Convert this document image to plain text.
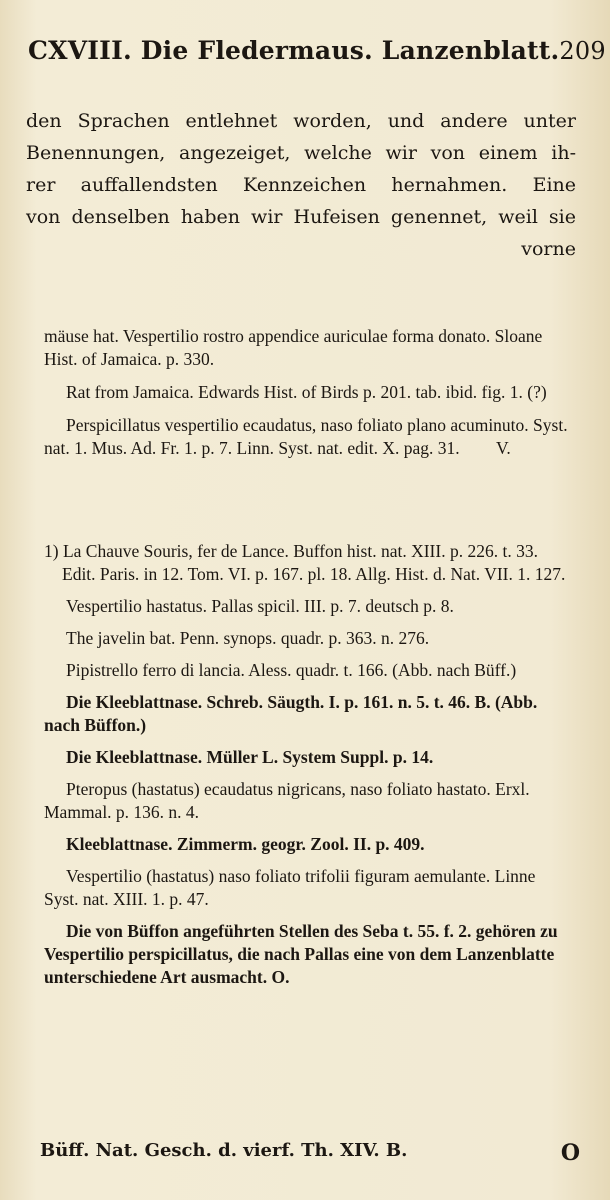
CXVIII. Die Fledermaus. Lanzenblatt. 209
den Sprachen entlehnet worden, und andere unter
Benennungen, angezeiget, welche wir von einem ih-
rer auffallendsten Kennzeichen hernahmen. Eine
von denselben haben wir Hufeisen genennet, weil sie
vorne

mäuse hat. Vespertilio rostro appendice auriculae forma donato. Sloane Hist. of Jamaica. p. 330.

Rat from Jamaica. Edwards Hist. of Birds p. 201. tab. ibid. fig. 1. (?)

Perspicillatus vespertilio ecaudatus, naso foliato plano acuminuto. Syst. nat. 1. Mus. Ad. Fr. 1. p. 7. Linn. Syst. nat. edit. X. pag. 31. V.

1) La Chauve Souris, fer de Lance. Buffon hist. nat. XIII. p. 226. t. 33. Edit. Paris. in 12. Tom. VI. p. 167. pl. 18. Allg. Hist. d. Nat. VII. 1. 127.

Vespertilio hastatus. Pallas spicil. III. p. 7. deutsch p. 8.

The javelin bat. Penn. synops. quadr. p. 363. n. 276.

Pipistrello ferro di lancia. Aless. quadr. t. 166. (Abb. nach Büff.)

Die Kleeblattnase. Schreb. Säugth. I. p. 161. n. 5. t. 46. B. (Abb. nach Büffon.)

Die Kleeblattnase. Müller L. System Suppl. p. 14.

Pteropus (hastatus) ecaudatus nigricans, naso foliato hastato. Erxl. Mammal. p. 136. n. 4.

Kleeblattnase. Zimmerm. geogr. Zool. II. p. 409.

Vespertilio (hastatus) naso foliato trifolii figuram aemulante. Linne Syst. nat. XIII. 1. p. 47.

Die von Büffon angeführten Stellen des Seba t. 55. f. 2. gehören zu Vespertilio perspicillatus, die nach Pallas eine von dem Lanzenblatte unterschiedene Art ausmacht. O.

Büff. Nat. Gesch. d. vierf. Th. XIV. B.	O
